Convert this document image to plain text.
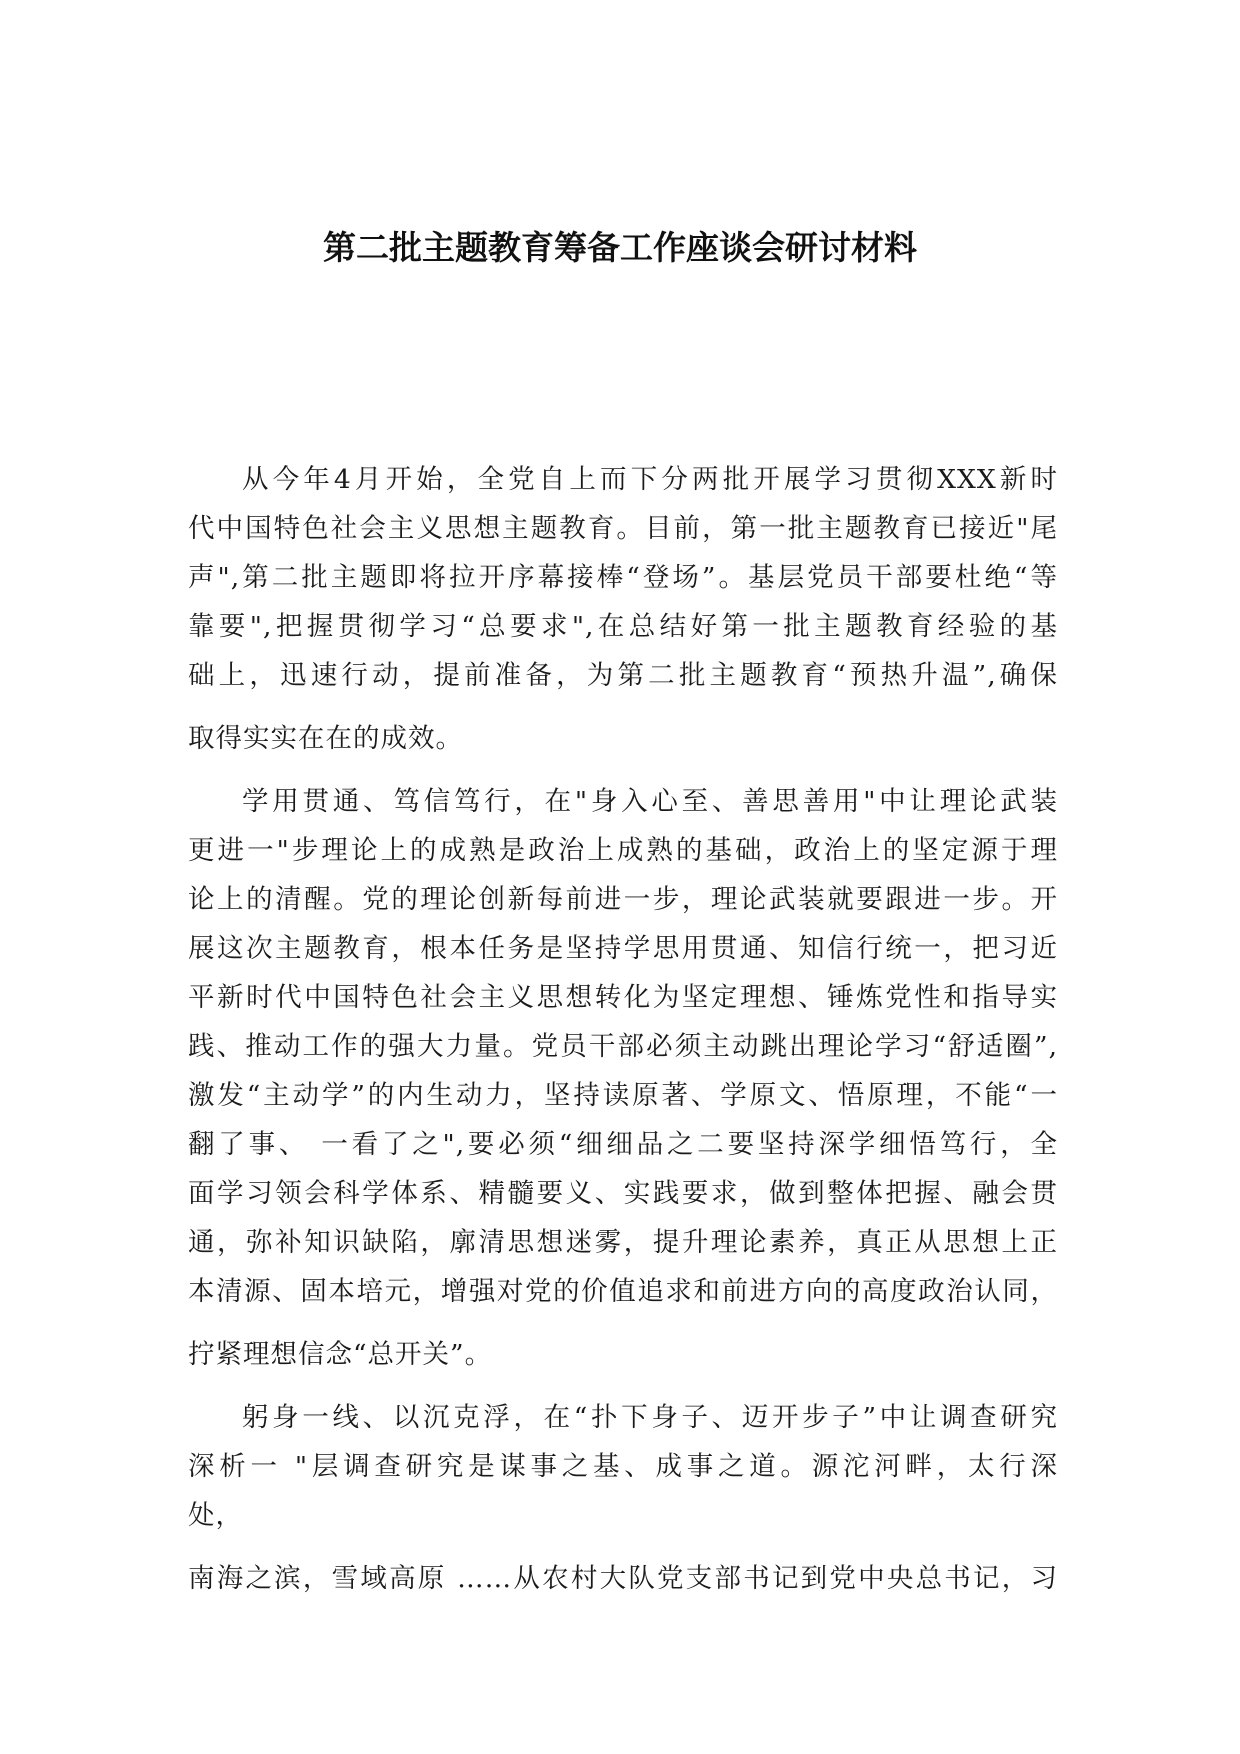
第二批主题教育筹备工作座谈会研讨材料
从今年4月开始，全党自上而下分两批开展学习贯彻XXX新时
代中国特色社会主义思想主题教育。目前，第一批主题教育已接近"尾
声",第二批主题即将拉开序幕接棒“登场”。基层党员干部要杜绝“等
靠要",把握贯彻学习“总要求",在总结好第一批主题教育经验的基
础上，迅速行动，提前准备，为第二批主题教育“预热升温”,确保
取得实实在在的成效。
学用贯通、笃信笃行，在"身入心至、善思善用"中让理论武装
更进一"步理论上的成熟是政治上成熟的基础，政治上的坚定源于理
论上的清醒。党的理论创新每前进一步，理论武装就要跟进一步。开
展这次主题教育，根本任务是坚持学思用贯通、知信行统一，把习近
平新时代中国特色社会主义思想转化为坚定理想、锤炼党性和指导实
践、推动工作的强大力量。党员干部必须主动跳出理论学习“舒适圈”,
激发“主动学”的内生动力，坚持读原著、学原文、悟原理，不能“一
翻了事、 一看了之",要必须“细细品之二要坚持深学细悟笃行，全
面学习领会科学体系、精髓要义、实践要求，做到整体把握、融会贯
通，弥补知识缺陷，廓清思想迷雾，提升理论素养，真正从思想上正
本清源、固本培元，增强对党的价值追求和前进方向的高度政治认同，
拧紧理想信念“总开关”。
躬身一线、以沉克浮，在“扑下身子、迈开步子”中让调查研究
深析一 "层调查研究是谋事之基、成事之道。源沱河畔，太行深
处，
南海之滨，雪域高原 ……从农村大队党支部书记到党中央总书记，习
